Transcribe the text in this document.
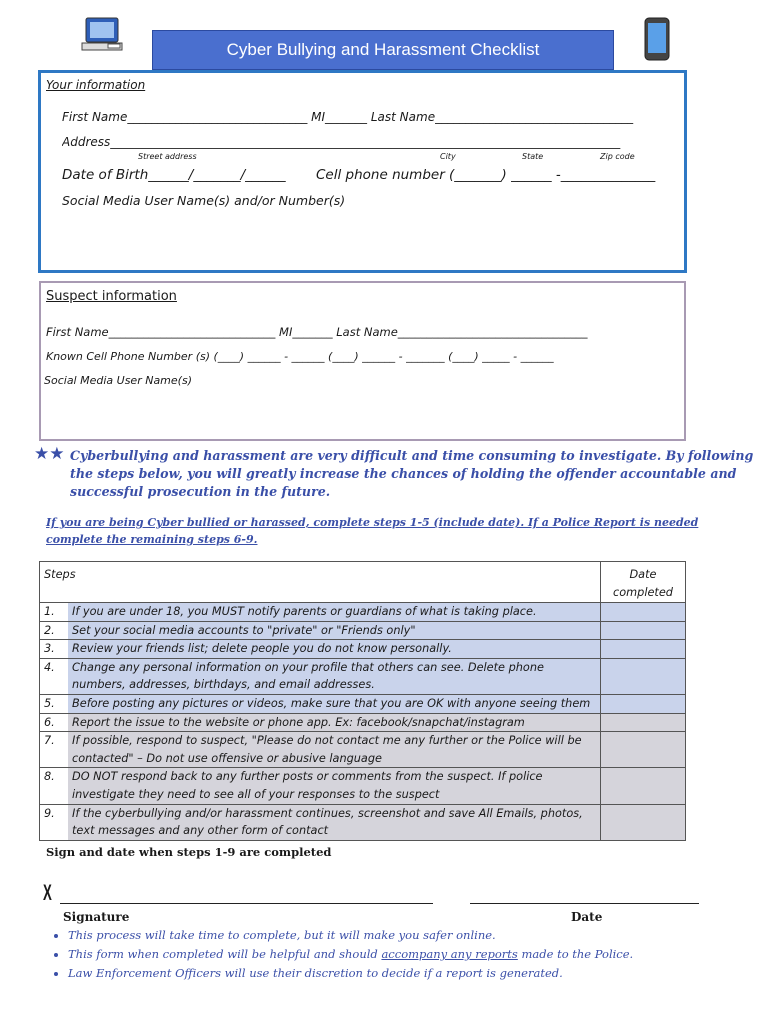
Cyber Bullying and Harassment Checklist
Your information
First Name______________________________ MI_______ Last Name_________________________________
Address_____________________________________________________________________________________
Street address	City	State	Zip code
Date of Birth______/_______/______ Cell phone number (_______) ______ -______________
Social Media User Name(s) and/or Number(s)
Suspect information
First Name_____________________________ MI_______ Last Name_________________________________
Known Cell Phone Number (s) (____) ______ - ______ (____) ______ - _______ (____) _____ - ______
Social Media User Name(s)
★★ Cyberbullying and harassment are very difficult and time consuming to investigate. By following
the steps below, you will greatly increase the chances of holding the offender accountable and
successful prosecution in the future.
If you are being Cyber bullied or harassed, complete steps 1-5 (include date). If a Police Report is needed
complete the remaining steps 6-9.
Steps		Date completed
1.	If you are under 18, you MUST notify parents or guardians of what is taking place.	
2.	Set your social media accounts to "private" or "Friends only"	
3.	Review your friends list; delete people you do not know personally.	
4.	Change any personal information on your profile that others can see. Delete phone numbers, addresses, birthdays, and email addresses.	
5.	Before posting any pictures or videos, make sure that you are OK with anyone seeing them	
6.	Report the issue to the website or phone app. Ex: facebook/snapchat/instagram	
7.	If possible, respond to suspect, "Please do not contact me any further or the Police will be contacted" – Do not use offensive or abusive language	
8.	DO NOT respond back to any further posts or comments from the suspect. If police investigate they need to see all of your responses to the suspect	
9.	If the cyberbullying and/or harassment continues, screenshot and save All Emails, photos, text messages and any other form of contact	
Sign and date when steps 1-9 are completed
X
Signature	Date
• This process will take time to complete, but it will make you safer online.
• This form when completed will be helpful and should accompany any reports made to the Police.
• Law Enforcement Officers will use their discretion to decide if a report is generated.
